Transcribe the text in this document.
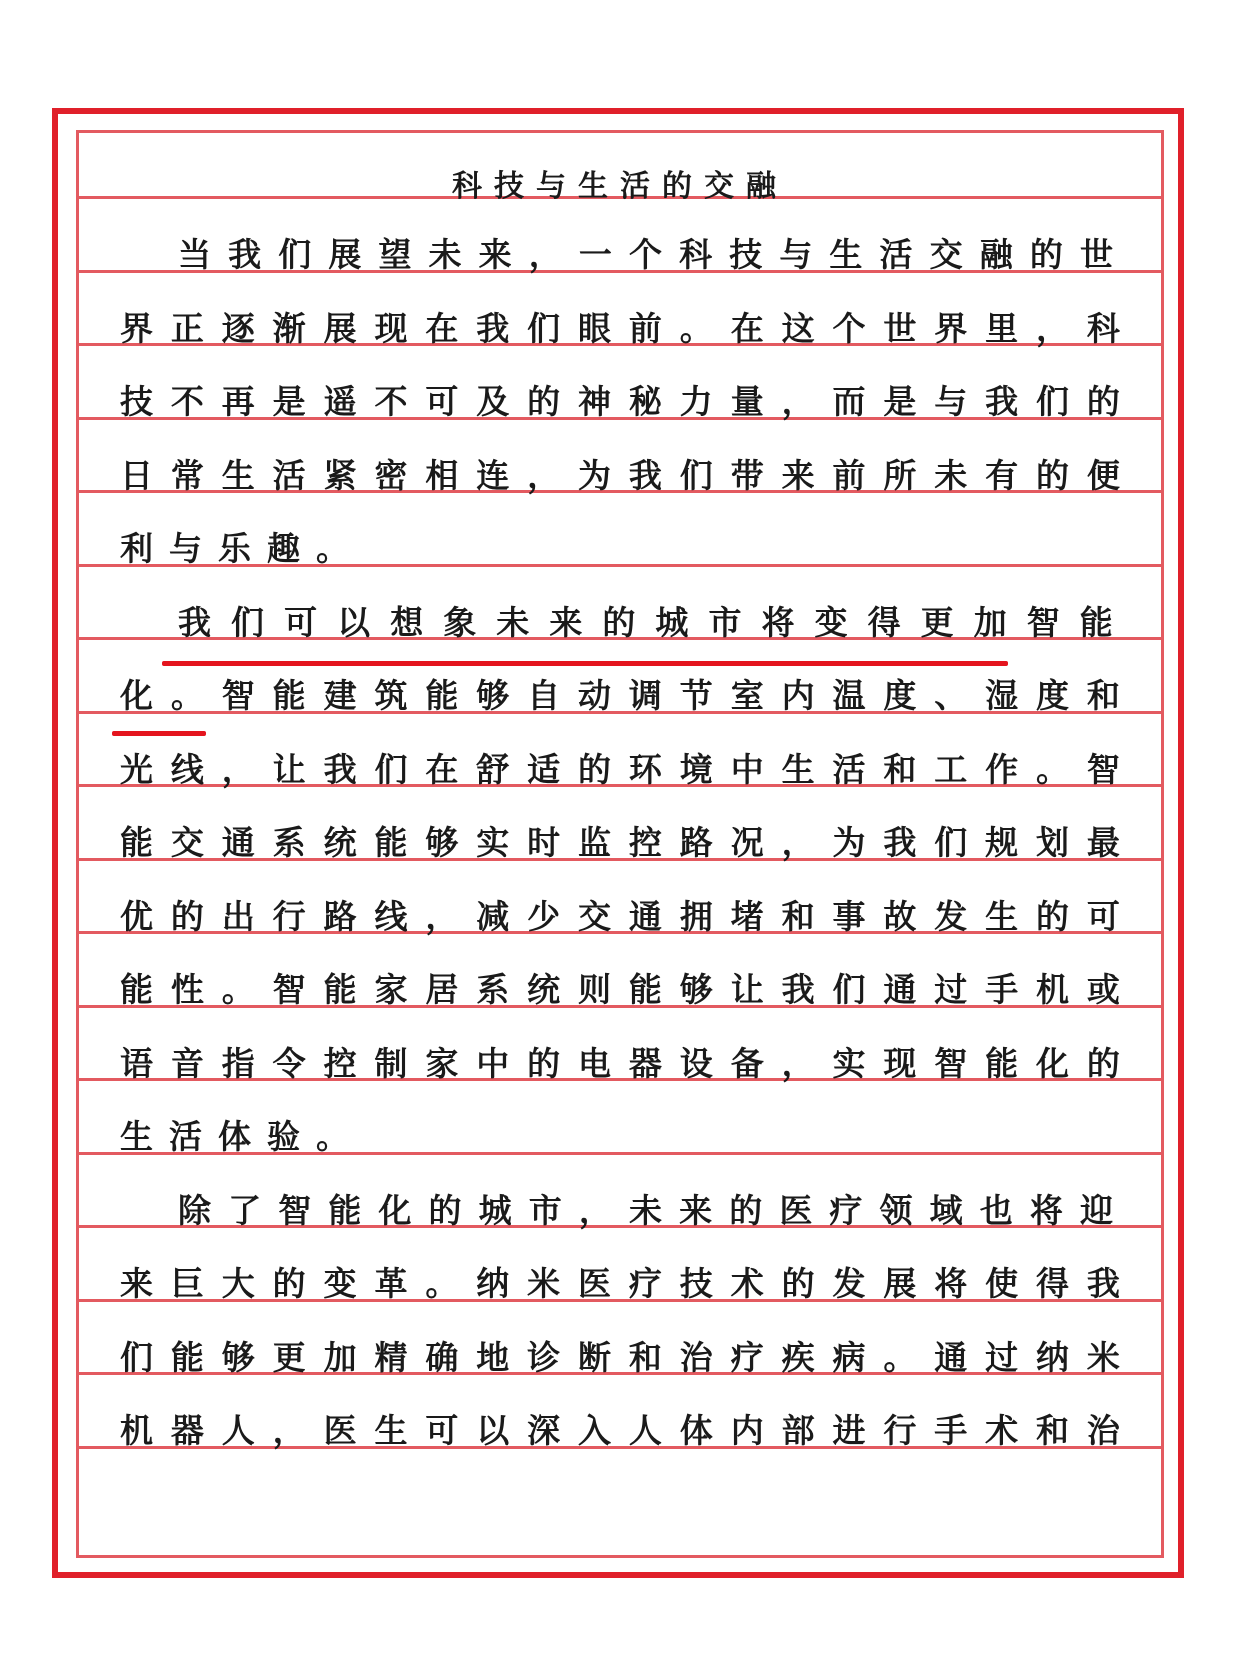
科技与生活的交融
当 我 们 展 望 未 来 ， 一 个 科 技 与 生 活 交 融 的 世
界 正 逐 渐 展 现 在 我 们 眼 前 。 在 这 个 世 界 里 ， 科
技 不 再 是 遥 不 可 及 的 神 秘 力 量 ， 而 是 与 我 们 的
日 常 生 活 紧 密 相 连 ， 为 我 们 带 来 前 所 未 有 的 便
利 与 乐 趣 。
我 们 可 以 想 象 未 来 的 城 市 将 变 得 更 加 智 能
化 。 智 能 建 筑 能 够 自 动 调 节 室 内 温 度 、 湿 度 和
光 线 ， 让 我 们 在 舒 适 的 环 境 中 生 活 和 工 作 。 智
能 交 通 系 统 能 够 实 时 监 控 路 况 ， 为 我 们 规 划 最
优 的 出 行 路 线 ， 减 少 交 通 拥 堵 和 事 故 发 生 的 可
能 性 。 智 能 家 居 系 统 则 能 够 让 我 们 通 过 手 机 或
语 音 指 令 控 制 家 中 的 电 器 设 备 ， 实 现 智 能 化 的
生 活 体 验 。
除 了 智 能 化 的 城 市 ， 未 来 的 医 疗 领 域 也 将 迎
来 巨 大 的 变 革 。 纳 米 医 疗 技 术 的 发 展 将 使 得 我
们 能 够 更 加 精 确 地 诊 断 和 治 疗 疾 病 。 通 过 纳 米
机 器 人 ， 医 生 可 以 深 入 人 体 内 部 进 行 手 术 和 治
